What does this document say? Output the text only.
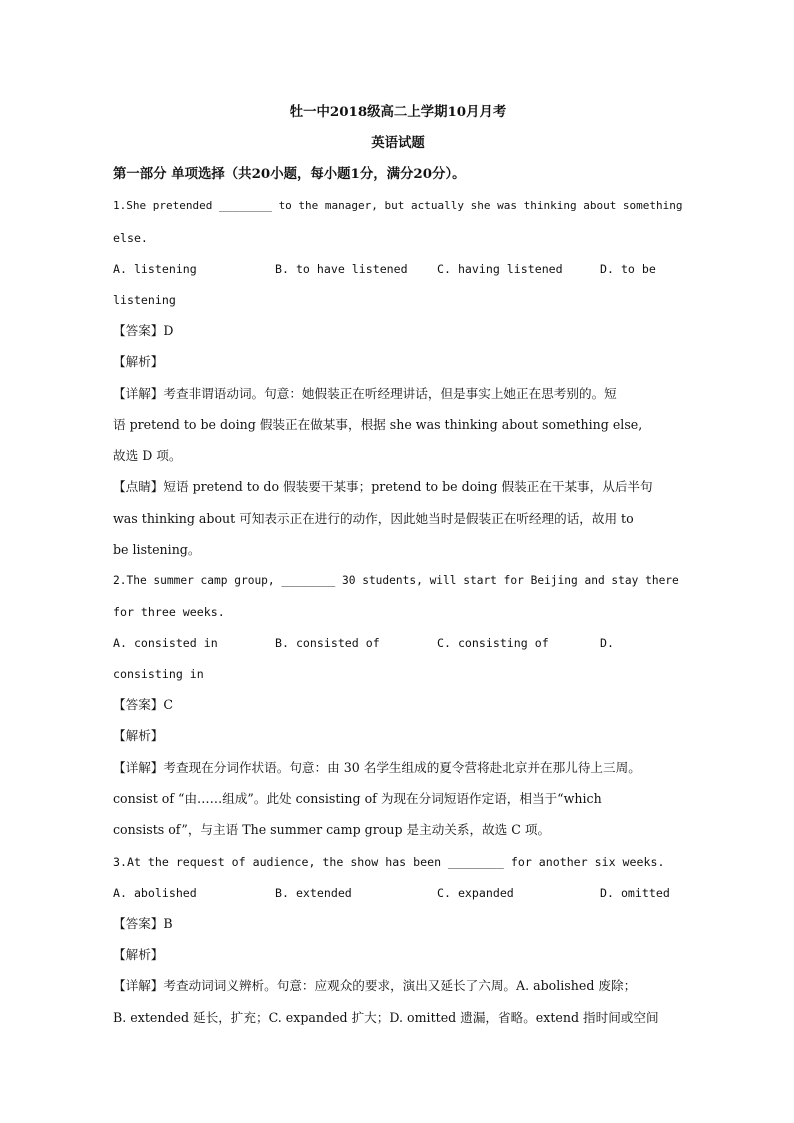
牡一中2018级高二上学期10月月考
英语试题
第一部分 单项选择（共20小题，每小题1分，满分20分）。
1.She pretended ________ to the manager, but actually she was thinking about something
else.
A. listening	B. to have listened	C. having listened	D. to be
listening
【答案】D
【解析】
【详解】考查非谓语动词。句意：她假装正在听经理讲话，但是事实上她正在思考别的。短
语 pretend to be doing 假装正在做某事，根据 she was thinking about something else,
故选 D 项。
【点睛】短语 pretend to do 假装要干某事；pretend to be doing 假装正在干某事，从后半句
was thinking about 可知表示正在进行的动作，因此她当时是假装正在听经理的话，故用 to
be listening。
2.The summer camp group, ________ 30 students, will start for Beijing and stay there
for three weeks.
A. consisted in	B. consisted of	C. consisting of	D.
consisting in
【答案】C
【解析】
【详解】考查现在分词作状语。句意：由 30 名学生组成的夏令营将赴北京并在那儿待上三周。
consist of “由……组成”。此处 consisting of 为现在分词短语作定语，相当于“which
consists of”，与主语 The summer camp group 是主动关系，故选 C 项。
3.At the request of audience, the show has been ________ for another six weeks.
A. abolished	B. extended	C. expanded	D. omitted
【答案】B
【解析】
【详解】考查动词词义辨析。句意：应观众的要求，演出又延长了六周。A. abolished 废除；
B. extended 延长，扩充；C. expanded 扩大；D. omitted 遗漏，省略。extend 指时间或空间
